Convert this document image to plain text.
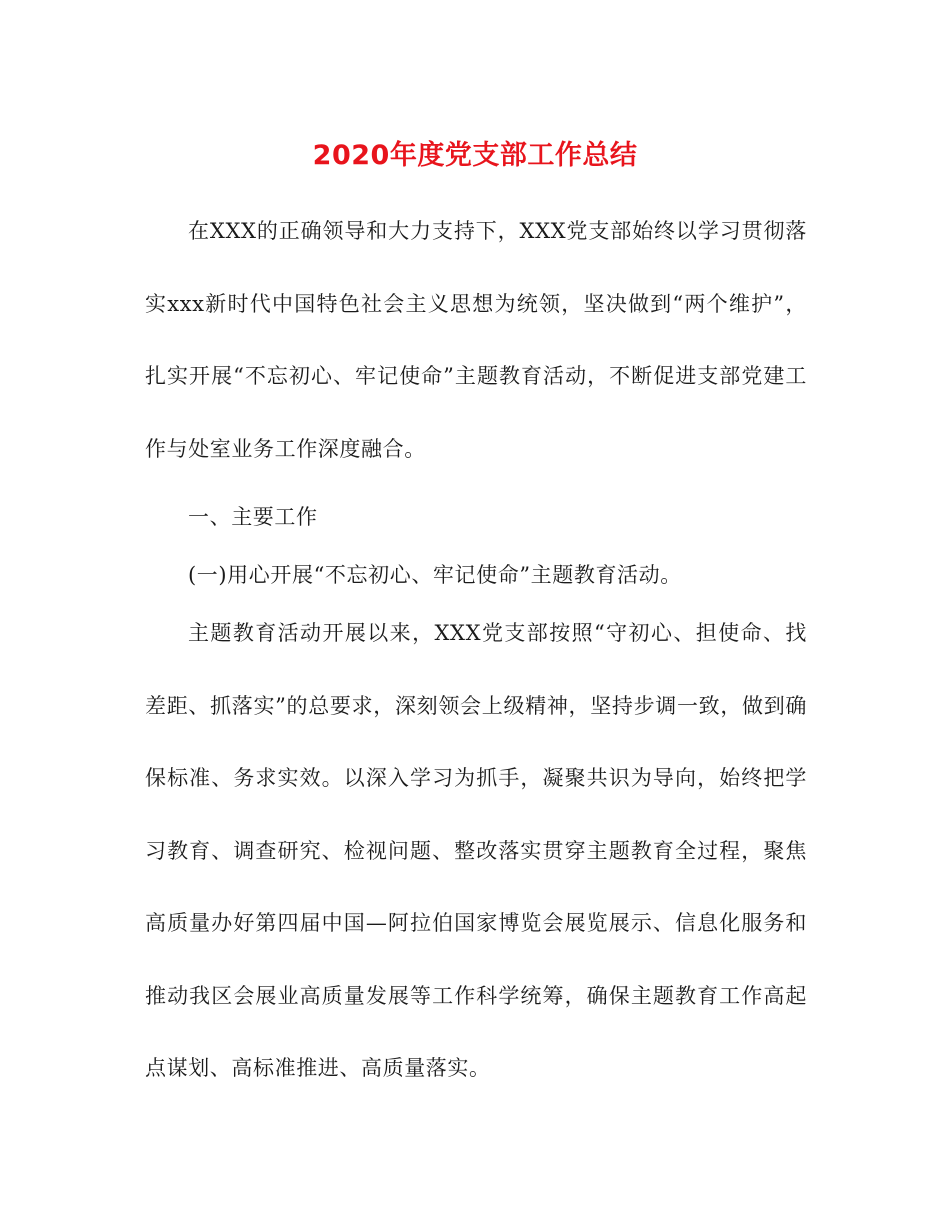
2020年度党支部工作总结

在XXX的正确领导和大力支持下，XXX党支部始终以学习贯彻落实xxx新时代中国特色社会主义思想为统领，坚决做到“两个维护”，扎实开展“不忘初心、牢记使命”主题教育活动，不断促进支部党建工作与处室业务工作深度融合。

一、主要工作

(一)用心开展“不忘初心、牢记使命”主题教育活动。

主题教育活动开展以来，XXX党支部按照“守初心、担使命、找差距、抓落实”的总要求，深刻领会上级精神，坚持步调一致，做到确保标准、务求实效。以深入学习为抓手，凝聚共识为导向，始终把学习教育、调查研究、检视问题、整改落实贯穿主题教育全过程，聚焦高质量办好第四届中国—阿拉伯国家博览会展览展示、信息化服务和推动我区会展业高质量发展等工作科学统筹，确保主题教育工作高起点谋划、高标准推进、高质量落实。
